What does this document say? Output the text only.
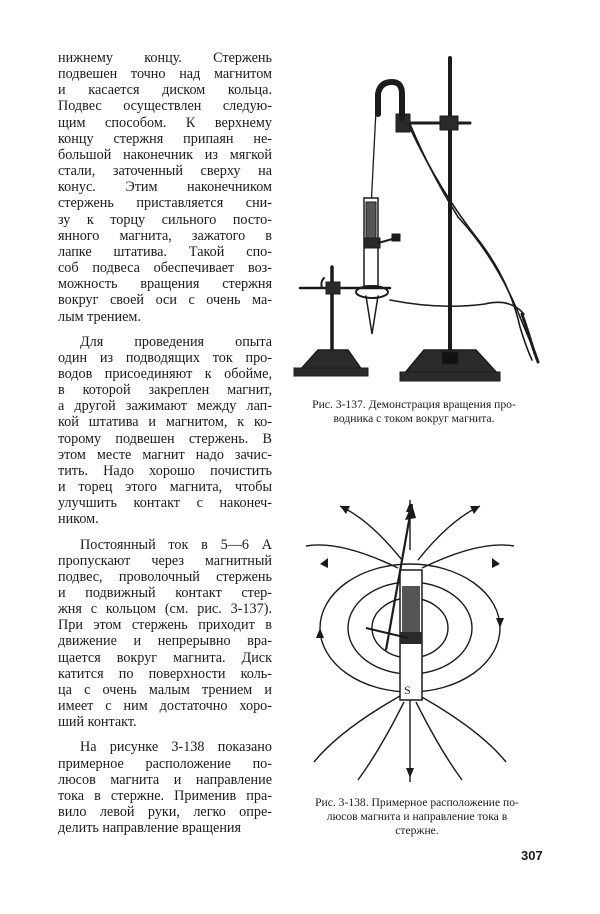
нижнему концу. Стержень
подвешен точно над магнитом
и касается диском кольца.
Подвес осуществлен следую-
щим способом. К верхнему
концу стержня припаян не-
большой наконечник из мягкой
стали, заточенный сверху на
конус. Этим наконечником
стержень приставляется сни-
зу к торцу сильного посто-
янного магнита, зажатого в
лапке штатива. Такой спо-
соб подвеса обеспечивает воз-
можность вращения стержня
вокруг своей оси с очень ма-
лым трением.

Для проведения опыта
один из подводящих ток про-
водов присоединяют к обойме,
в которой закреплен магнит,
а другой зажимают между лап-
кой штатива и магнитом, к ко-
торому подвешен стержень. В
этом месте магнит надо зачис-
тить. Надо хорошо почистить
и торец этого магнита, чтобы
улучшить контакт с наконеч-
ником.

Постоянный ток в 5—6 А
пропускают через магнитный
подвес, проволочный стержень
и подвижный контакт стер-
жня с кольцом (см. рис. 3-137).
При этом стержень приходит в
движение и непрерывно вра-
щается вокруг магнита. Диск
катится по поверхности коль-
ца с очень малым трением и
имеет с ним достаточно хоро-
ший контакт.

На рисунке 3-138 показано
примерное расположение по-
люсов магнита и направление
тока в стержне. Применив пра-
вило левой руки, легко опре-
делить направление вращения

Рис. 3-137. Демонстрация вращения про-
водника с током вокруг магнита.
N
S
Рис. 3-138. Примерное расположение по-
люсов магнита и направление тока в
стержне.
307
